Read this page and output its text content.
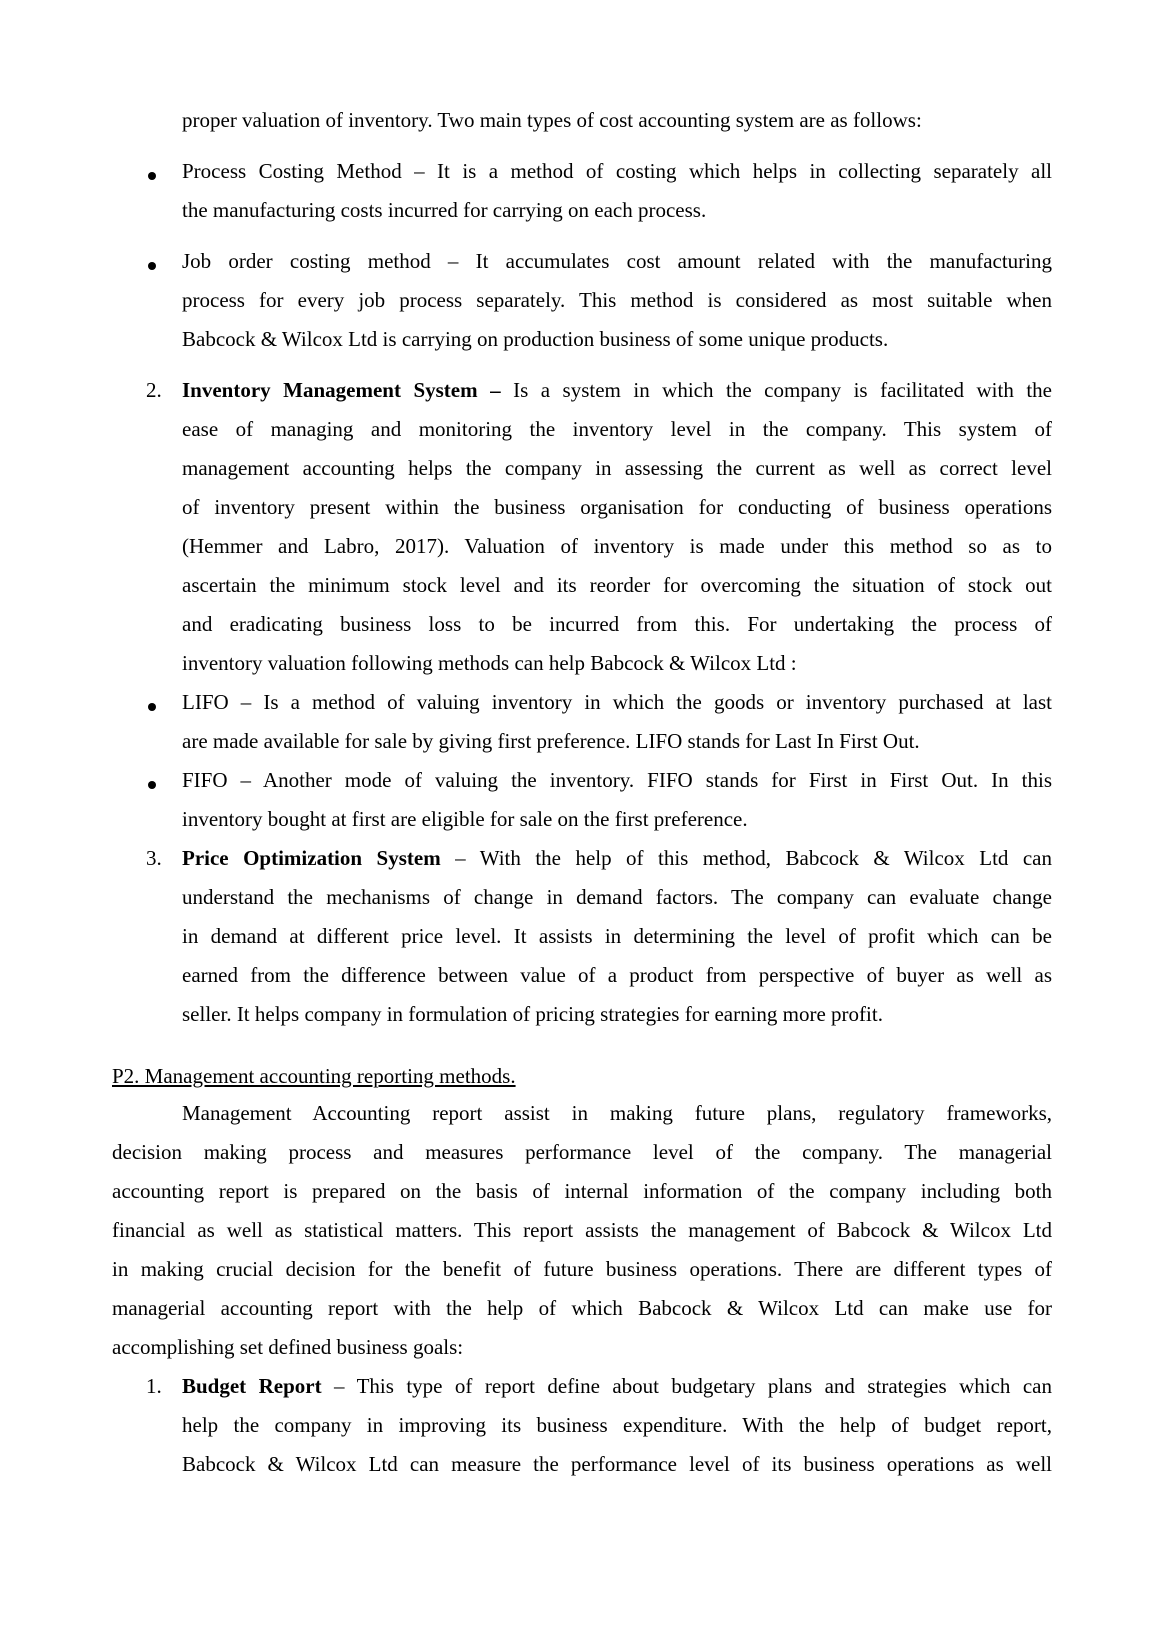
proper valuation of inventory. Two main types of cost accounting system are as follows:
Process Costing Method – It is a method of costing which helps in collecting separately all
the manufacturing costs incurred for carrying on each process.
Job order costing method – It accumulates cost amount related with the manufacturing
process for every job process separately. This method is considered as most suitable when
Babcock & Wilcox Ltd is carrying on production business of some unique products.
2. Inventory Management System – Is a system in which the company is facilitated with the
ease of managing and monitoring the inventory level in the company. This system of
management accounting helps the company in assessing the current as well as correct level
of inventory present within the business organisation for conducting of business operations
(Hemmer and Labro, 2017). Valuation of inventory is made under this method so as to
ascertain the minimum stock level and its reorder for overcoming the situation of stock out
and eradicating business loss to be incurred from this. For undertaking the process of
inventory valuation following methods can help Babcock & Wilcox Ltd :
LIFO – Is a method of valuing inventory in which the goods or inventory purchased at last
are made available for sale by giving first preference. LIFO stands for Last In First Out.
FIFO – Another mode of valuing the inventory. FIFO stands for First in First Out. In this
inventory bought at first are eligible for sale on the first preference.
3. Price Optimization System – With the help of this method, Babcock & Wilcox Ltd can
understand the mechanisms of change in demand factors. The company can evaluate change
in demand at different price level. It assists in determining the level of profit which can be
earned from the difference between value of a product from perspective of buyer as well as
seller. It helps company in formulation of pricing strategies for earning more profit.
P2. Management accounting reporting methods.
Management Accounting report assist in making future plans, regulatory frameworks,
decision making process and measures performance level of the company. The managerial
accounting report is prepared on the basis of internal information of the company including both
financial as well as statistical matters. This report assists the management of Babcock & Wilcox Ltd
in making crucial decision for the benefit of future business operations. There are different types of
managerial accounting report with the help of which Babcock & Wilcox Ltd can make use for
accomplishing set defined business goals:
1. Budget Report – This type of report define about budgetary plans and strategies which can
help the company in improving its business expenditure. With the help of budget report,
Babcock & Wilcox Ltd can measure the performance level of its business operations as well
